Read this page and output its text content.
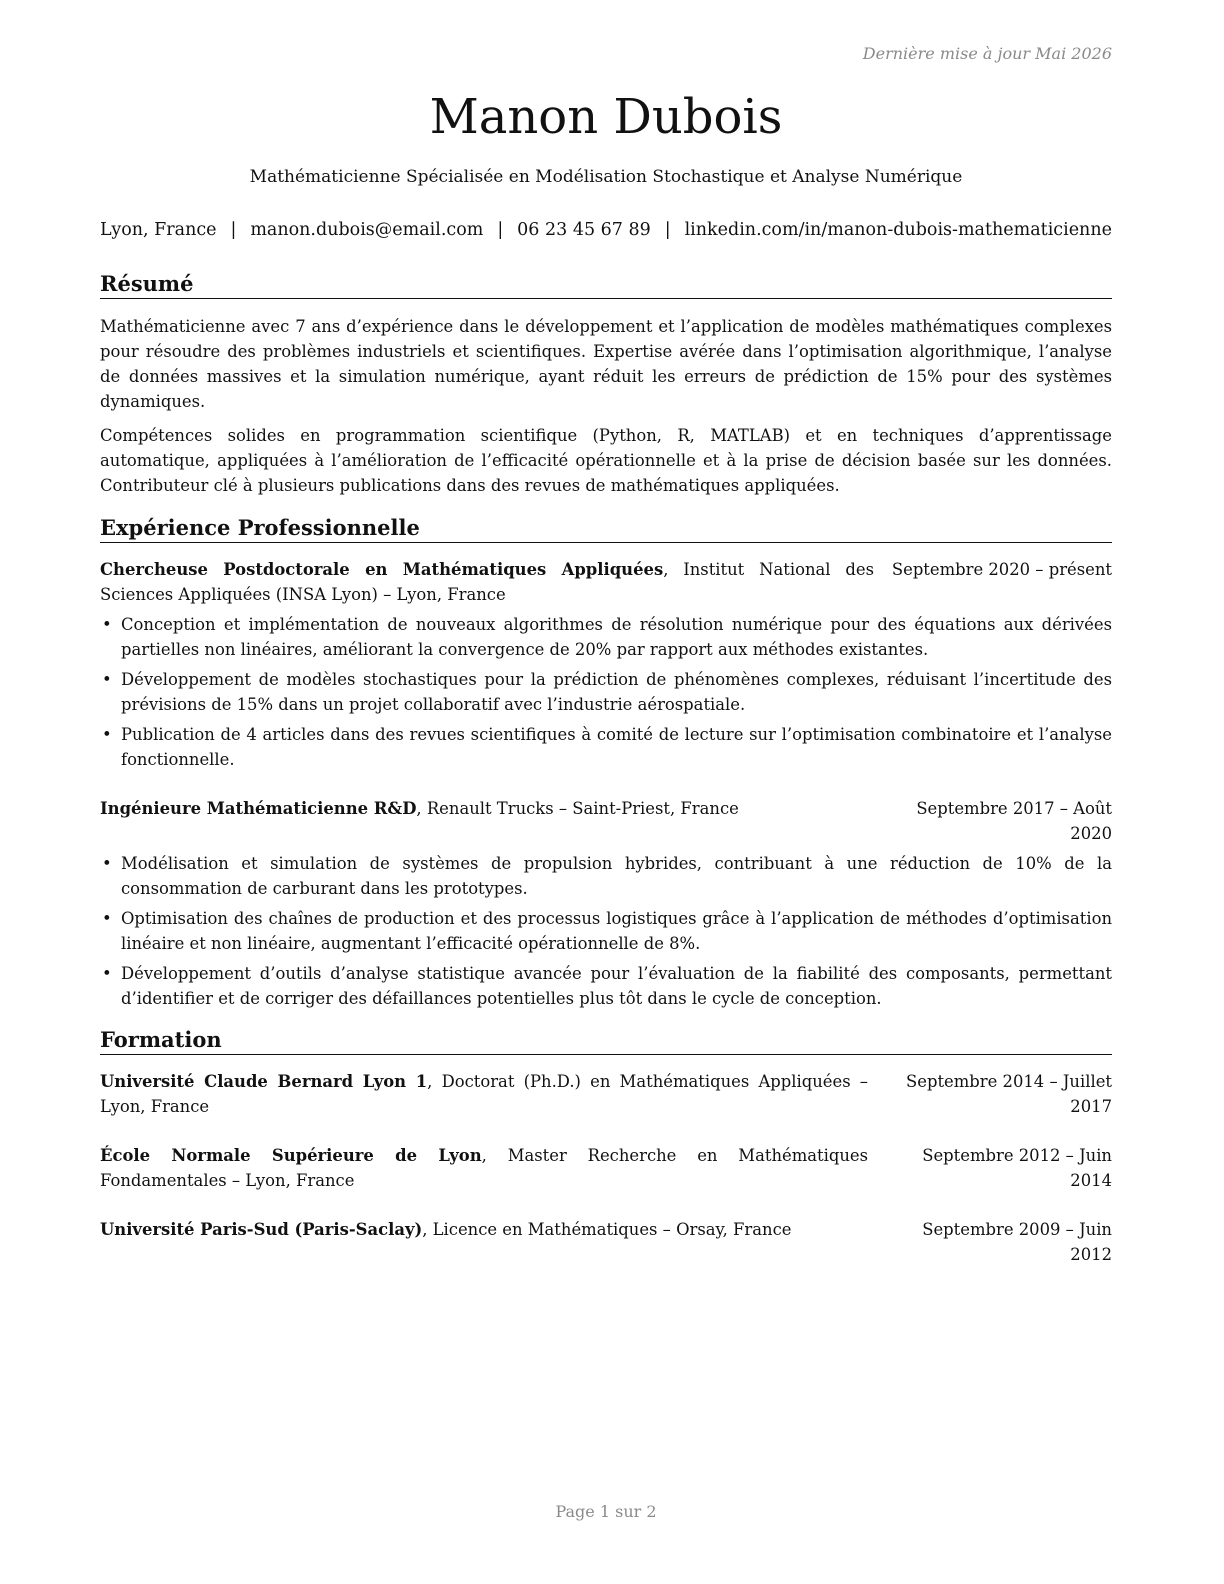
Dernière mise à jour Mai 2026
Manon Dubois
Mathématicienne Spécialisée en Modélisation Stochastique et Analyse Numérique
Lyon, France | manon.dubois@email.com | 06 23 45 67 89 | linkedin.com/in/manon-dubois-mathematicienne
Résumé

Mathématicienne avec 7 ans d’expérience dans le développement et l’application de modèles mathématiques complexes pour résoudre des problèmes industriels et scientifiques. Expertise avérée dans l’optimisation algorithmique, l’analyse de données massives et la simulation numérique, ayant réduit les erreurs de prédiction de 15% pour des systèmes dynamiques.

Compétences solides en programmation scientifique (Python, R, MATLAB) et en techniques d’apprentissage automatique, appliquées à l’amélioration de l’efficacité opérationnelle et à la prise de décision basée sur les données. Contributeur clé à plusieurs publications dans des revues de mathématiques appliquées.

Expérience Professionnelle
Chercheuse Postdoctorale en Mathématiques Appliquées, Institut National des Sciences Appliquées (INSA Lyon) – Lyon, France
Septembre 2020 – présent
• Conception et implémentation de nouveaux algorithmes de résolution numérique pour des équations aux dérivées partielles non linéaires, améliorant la convergence de 20% par rapport aux méthodes existantes.
• Développement de modèles stochastiques pour la prédiction de phénomènes complexes, réduisant l’incertitude des prévisions de 15% dans un projet collaboratif avec l’industrie aérospatiale.
• Publication de 4 articles dans des revues scientifiques à comité de lecture sur l’optimisation combinatoire et l’analyse fonctionnelle.
Ingénieure Mathématicienne R&D, Renault Trucks – Saint-Priest, France	Septembre 2017 – Août 2020
• Modélisation et simulation de systèmes de propulsion hybrides, contribuant à une réduction de 10% de la consommation de carburant dans les prototypes.
• Optimisation des chaînes de production et des processus logistiques grâce à l’application de méthodes d’optimisation linéaire et non linéaire, augmentant l’efficacité opérationnelle de 8%.
• Développement d’outils d’analyse statistique avancée pour l’évaluation de la fiabilité des composants, permettant d’identifier et de corriger des défaillances potentielles plus tôt dans le cycle de conception.
Formation
Université Claude Bernard Lyon 1, Doctorat (Ph.D.) en Mathématiques Appliquées – Lyon, France
Septembre 2014 – Juillet 2017
École Normale Supérieure de Lyon, Master Recherche en Mathématiques Fondamentales – Lyon, France
Septembre 2012 – Juin 2014
Université Paris-Sud (Paris-Saclay), Licence en Mathématiques – Orsay, France	Septembre 2009 – Juin 2012
Page 1 sur 2
